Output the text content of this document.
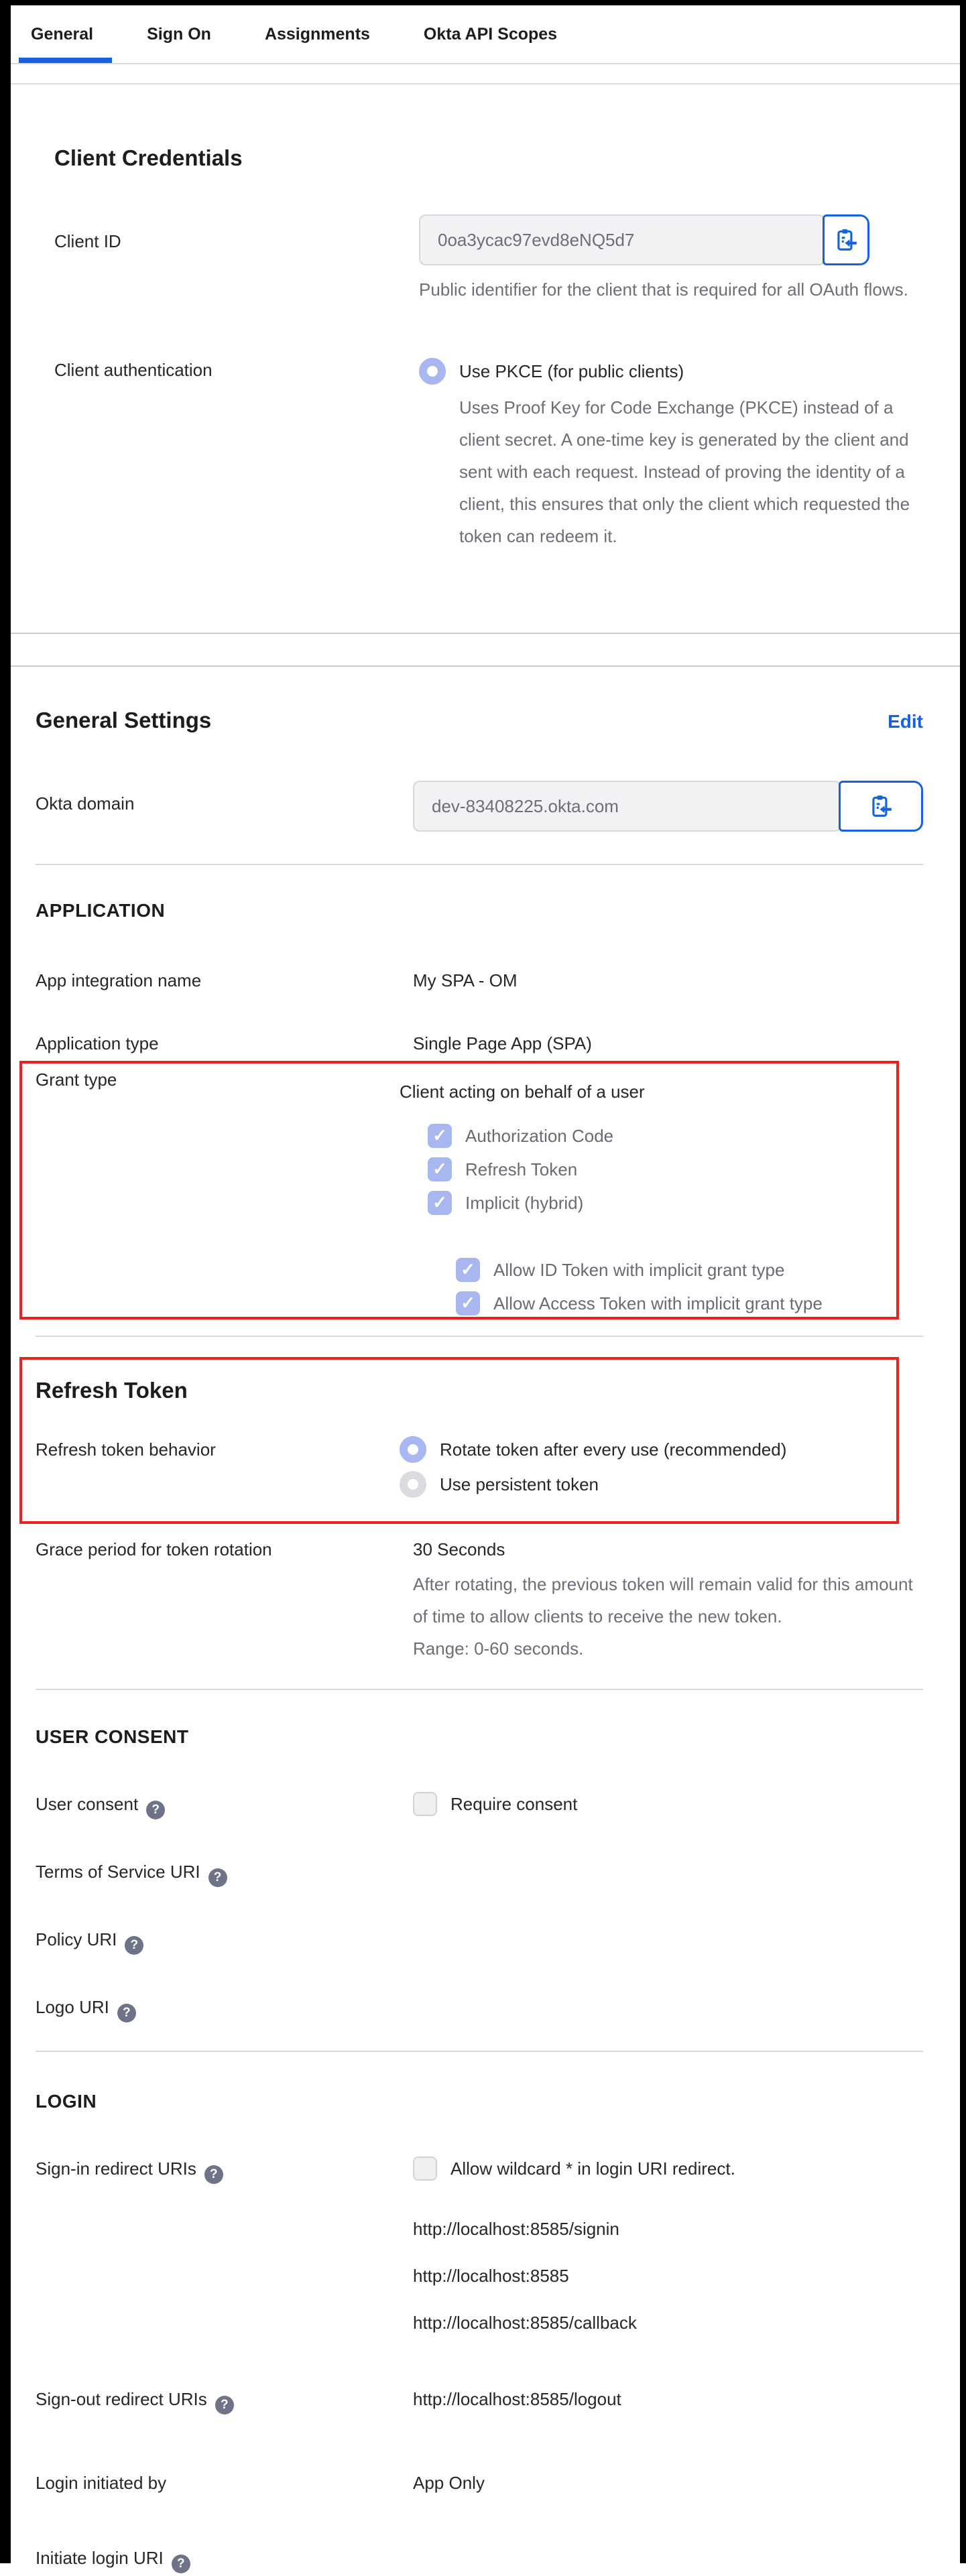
General	Sign On	Assignments	Okta API Scopes
Client Credentials
Client ID	0oa3ycac97evd8eNQ5d7
Public identifier for the client that is required for all OAuth flows.
Client authentication	Use PKCE (for public clients)
Uses Proof Key for Code Exchange (PKCE) instead of a client secret. A one-time key is generated by the client and sent with each request. Instead of proving the identity of a client, this ensures that only the client which requested the token can redeem it.
General Settings	Edit
Okta domain	dev-83408225.okta.com
APPLICATION
App integration name	My SPA - OM
Application type	Single Page App (SPA)
Grant type
Client acting on behalf of a user
✓ Authorization Code
✓ Refresh Token
✓ Implicit (hybrid)
✓ Allow ID Token with implicit grant type
✓ Allow Access Token with implicit grant type
Refresh Token
Refresh token behavior	Rotate token after every use (recommended)
Use persistent token
Grace period for token rotation	30 Seconds
After rotating, the previous token will remain valid for this amount of time to allow clients to receive the new token.
Range: 0-60 seconds.
USER CONSENT
User consent ?	Require consent
Terms of Service URI ?
Policy URI ?
Logo URI ?
LOGIN
Sign-in redirect URIs ?	Allow wildcard * in login URI redirect.
http://localhost:8585/signin
http://localhost:8585
http://localhost:8585/callback
Sign-out redirect URIs ?	http://localhost:8585/logout
Login initiated by	App Only
Initiate login URI ?
